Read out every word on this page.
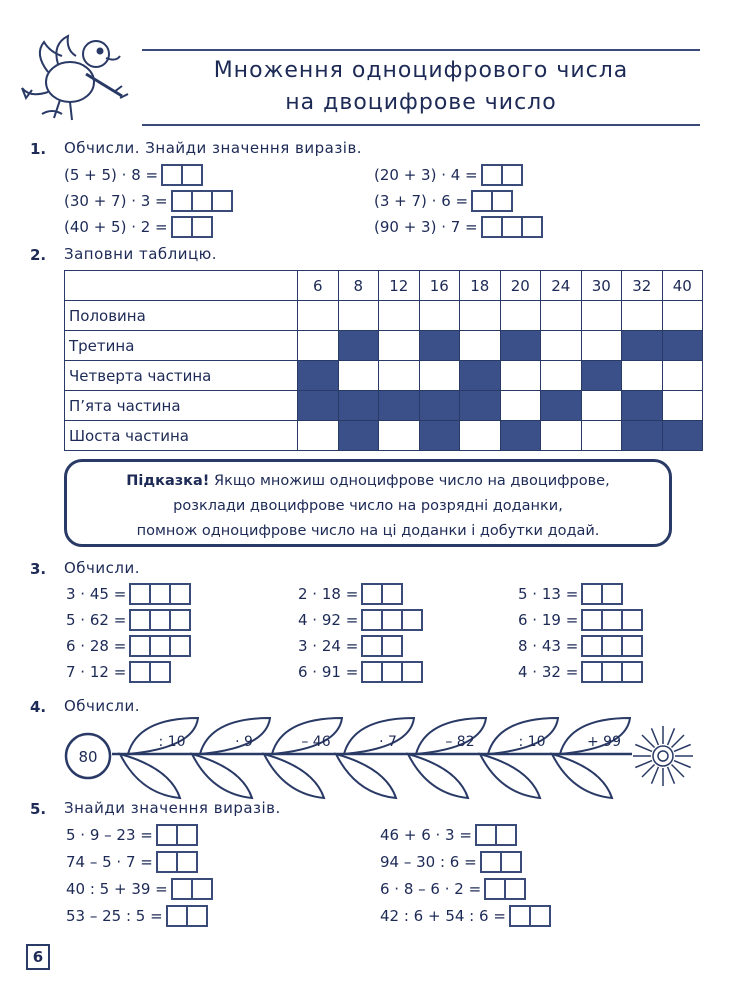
Множення одноцифрового числа
на двоцифрове число
1. Обчисли. Знайди значення виразів.
(5 + 5) · 8 =
(30 + 7) · 3 =
(40 + 5) · 2 =
(20 + 3) · 4 =
(3 + 7) · 6 =
(90 + 3) · 7 =
2. Заповни таблицю.
	6	8	12	16	18	20	24	30	32	40
Половина										
Третина										
Четверта частина										
П’ята частина										
Шоста частина										
Підказка! Якщо множиш одноцифрове число на двоцифрове,
розклади двоцифрове число на розрядні доданки,
помнож одноцифрове число на ці доданки і добутки додай.
3. Обчисли.
3 · 45 =
5 · 62 =
6 · 28 =
7 · 12 =
2 · 18 =
4 · 92 =
3 · 24 =
6 · 91 =
5 · 13 =
6 · 19 =
8 · 43 =
4 · 32 =
4. Обчисли.
80
: 10	· 9	– 46	· 7	– 82	: 10	+ 99
5. Знайди значення виразів.
5 · 9 – 23 =
74 – 5 · 7 =
40 : 5 + 39 =
53 – 25 : 5 =
46 + 6 · 3 =
94 – 30 : 6 =
6 · 8 – 6 · 2 =
42 : 6 + 54 : 6 =
6
